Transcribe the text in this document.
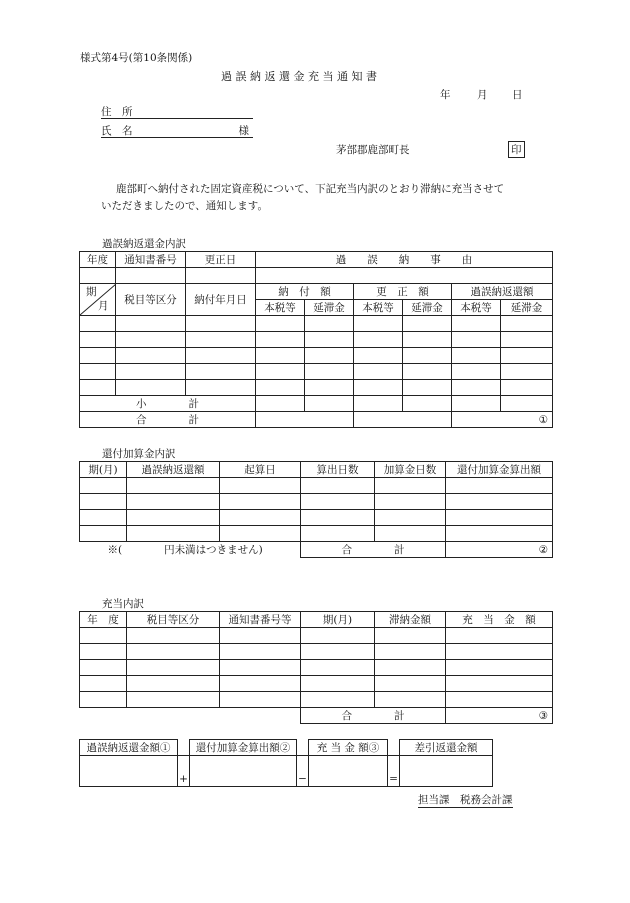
様式第4号(第10条関係)
過 誤 納 返 還 金 充 当 通 知 書
年	月 日
住　所
氏　名	様
茅部郡鹿部町長	印
鹿部町へ納付された固定資産税について、下記充当内訳のとおり滞納に充当させて
いただきましたので、通知します。
過誤納返還金内訳
年度	通知書番号	更正日	過　　誤　　納　　事　　由					

期
月	税目等区分	納付年月日	納　付　額		更　正　額		過誤納返還額	
			本税等	延滞金	本税等	延滞金	本税等	延滞金

小　　　　計								
合　　　　計							①	
還付加算金内訳
期(月)	過誤納返還額	起算日	算出日数	加算金日数	還付加算金算出額

※(　　　　円未満はつきません)			合　　　　計		②
充当内訳
年　度	税目等区分	通知書番号等	期(月)	滞納金額	充　当　金　額

			合　　　　計		③
過誤納返還金額①		還付加算金算出額②		充 当 金 額③		差引返還金額
	+		−		=	
担当課　税務会計課
